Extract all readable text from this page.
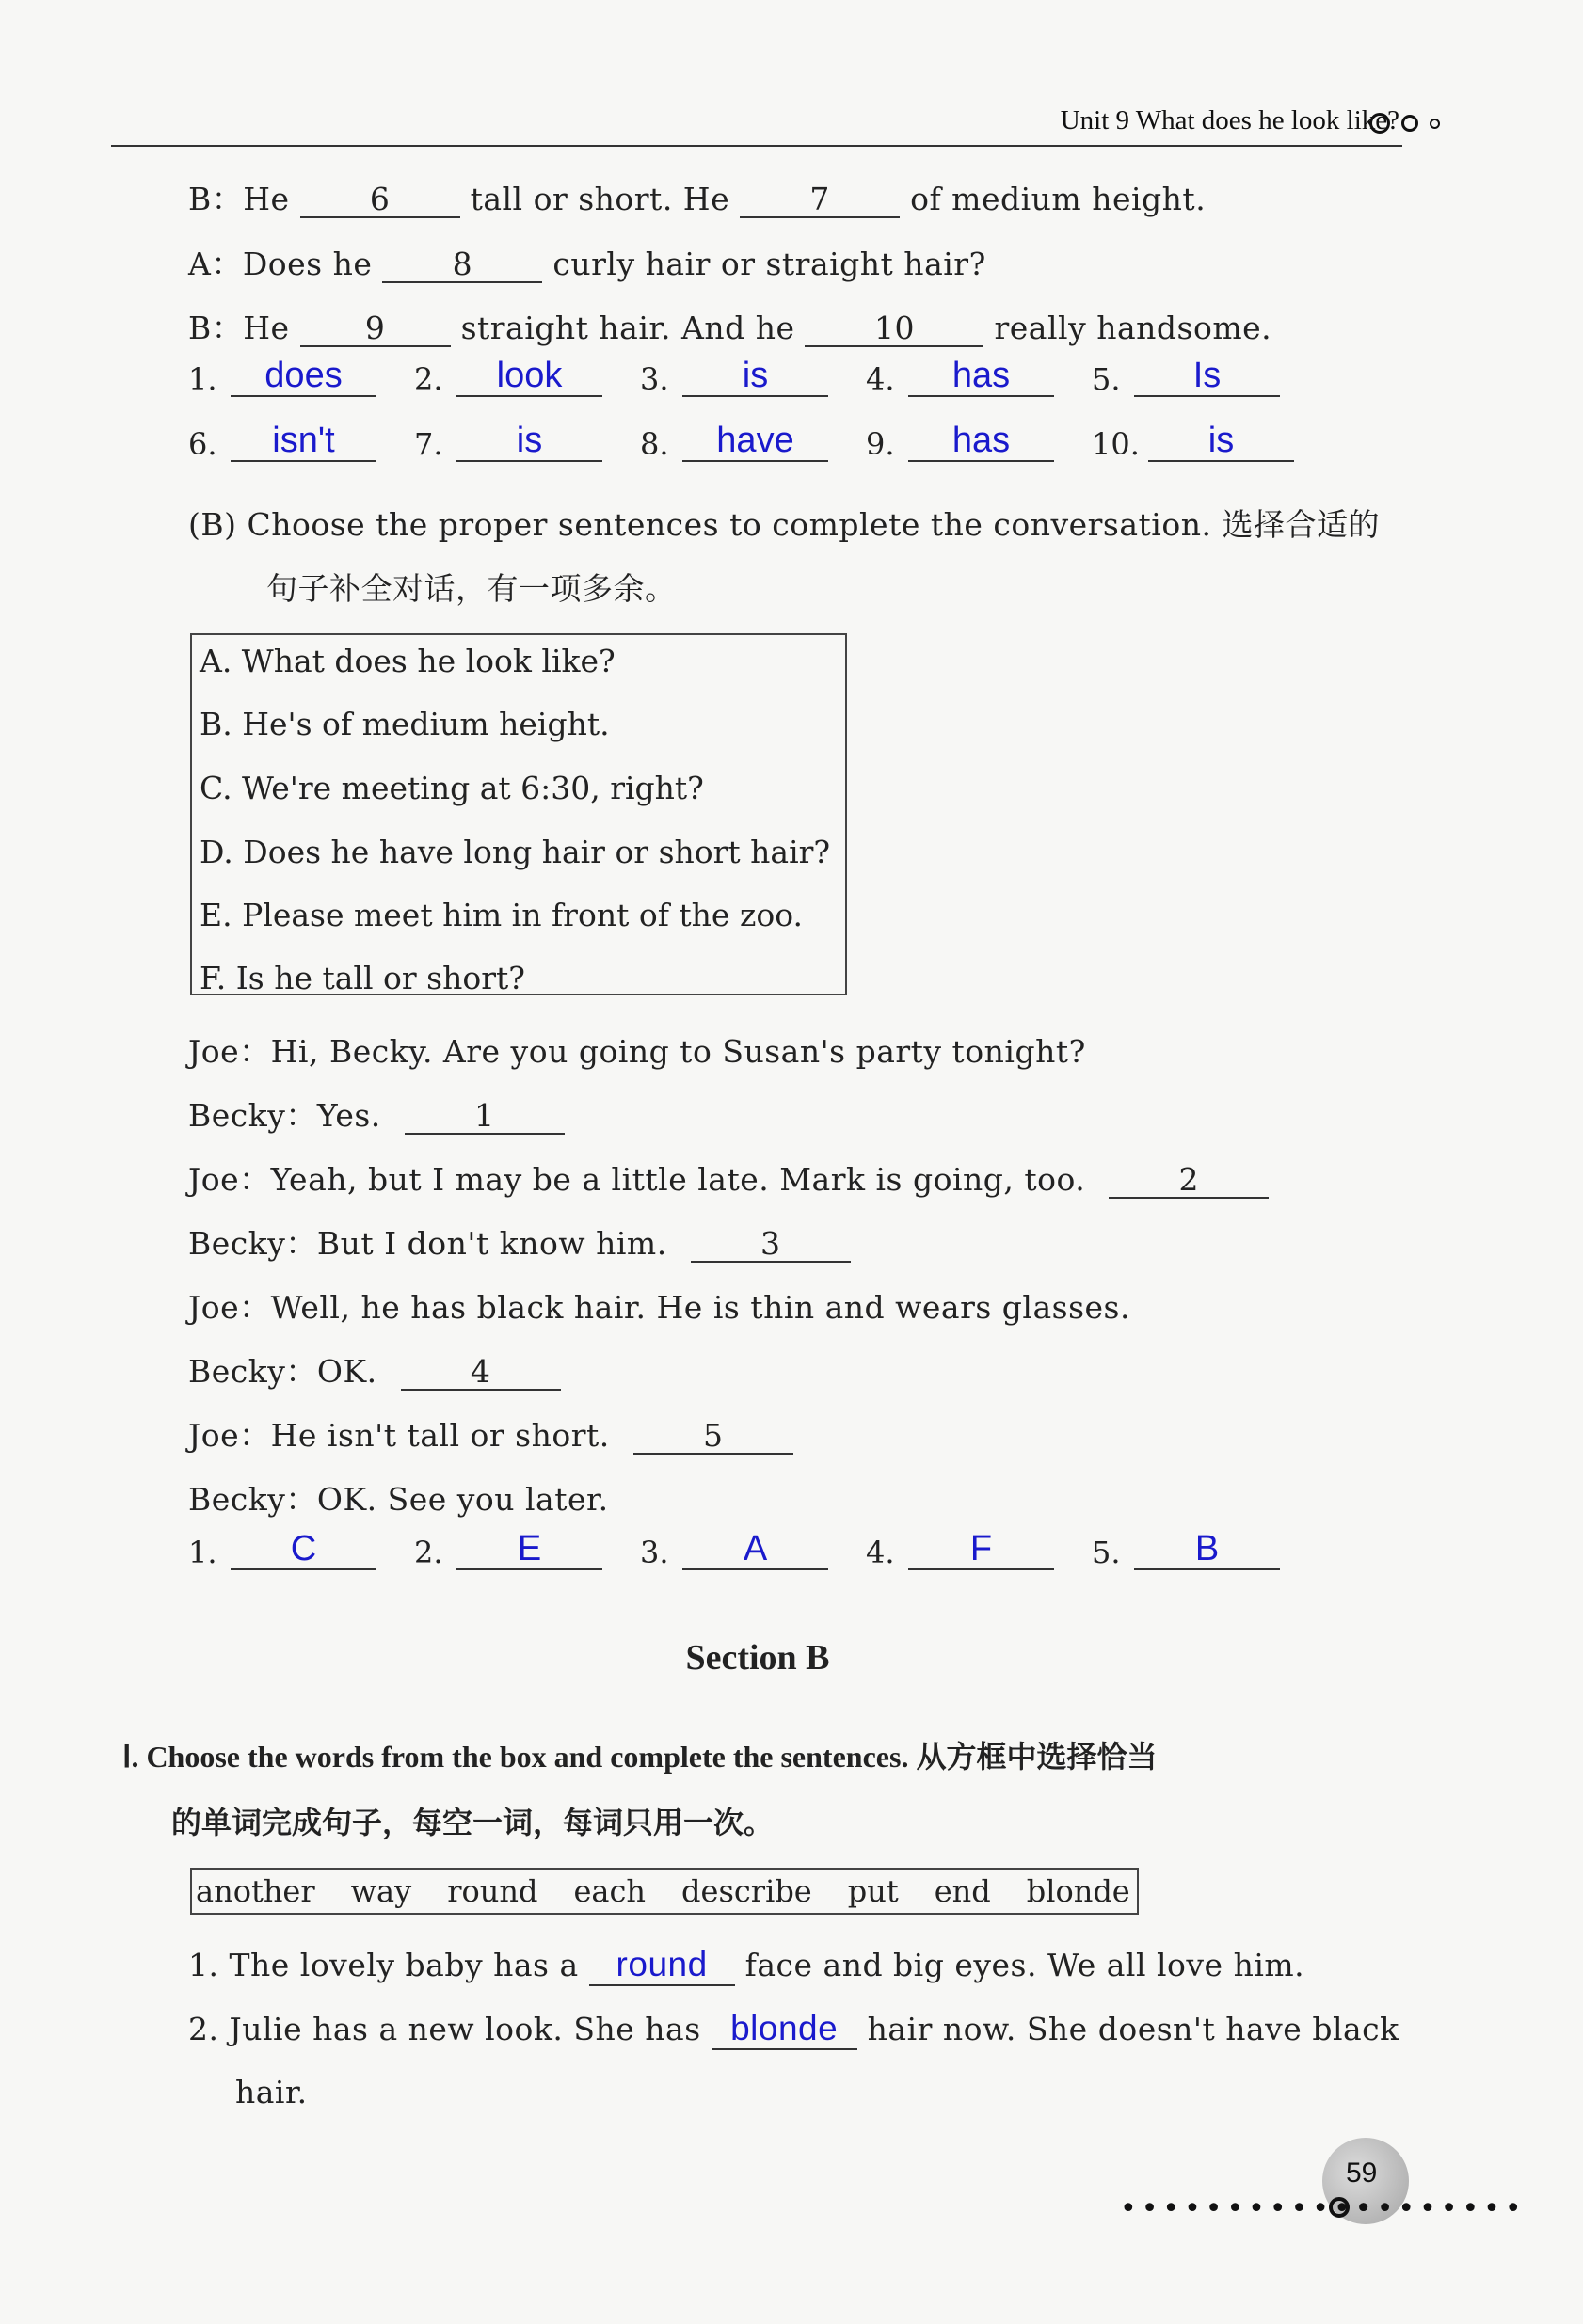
Unit 9 What does he look like?
B：He	6	tall or short. He	7	of medium height.
A：Does he	8	curly hair or straight hair?
B：He 9 straight hair. And he	10	really handsome.
1.	does	2.	look	3.	is	4.	has	5.	Is
6.	isn't	7.	is	8.	have	9.	has	10.	is
(B) Choose the proper sentences to complete the conversation. 选择合适的
句子补全对话，有一项多余。
A. What does he look like?
B. He's of medium height.
C. We're meeting at 6:30, right?
D. Does he have long hair or short hair?
E. Please meet him in front of the zoo.
F. Is he tall or short?
Joe：Hi, Becky. Are you going to Susan's party tonight?
Becky：Yes.	1
Joe：Yeah, but I may be a little late. Mark is going, too.	2
Becky：But I don't know him.	3
Joe：Well, he has black hair. He is thin and wears glasses.
Becky：OK.	4
Joe：He isn't tall or short.	5
Becky：OK. See you later.
1.	C	2.	E	3.	A	4.	F	5.	B
Section B
Ⅰ. Choose the words from the box and complete the sentences. 从方框中选择恰当
的单词完成句子，每空一词，每词只用一次。
another way round each describe put end blonde
1. The lovely baby has a round face and big eyes. We all love him.
2. Julie has a new look. She has blonde hair now. She doesn't have black
hair.
59
••••••••••••
••••••••
